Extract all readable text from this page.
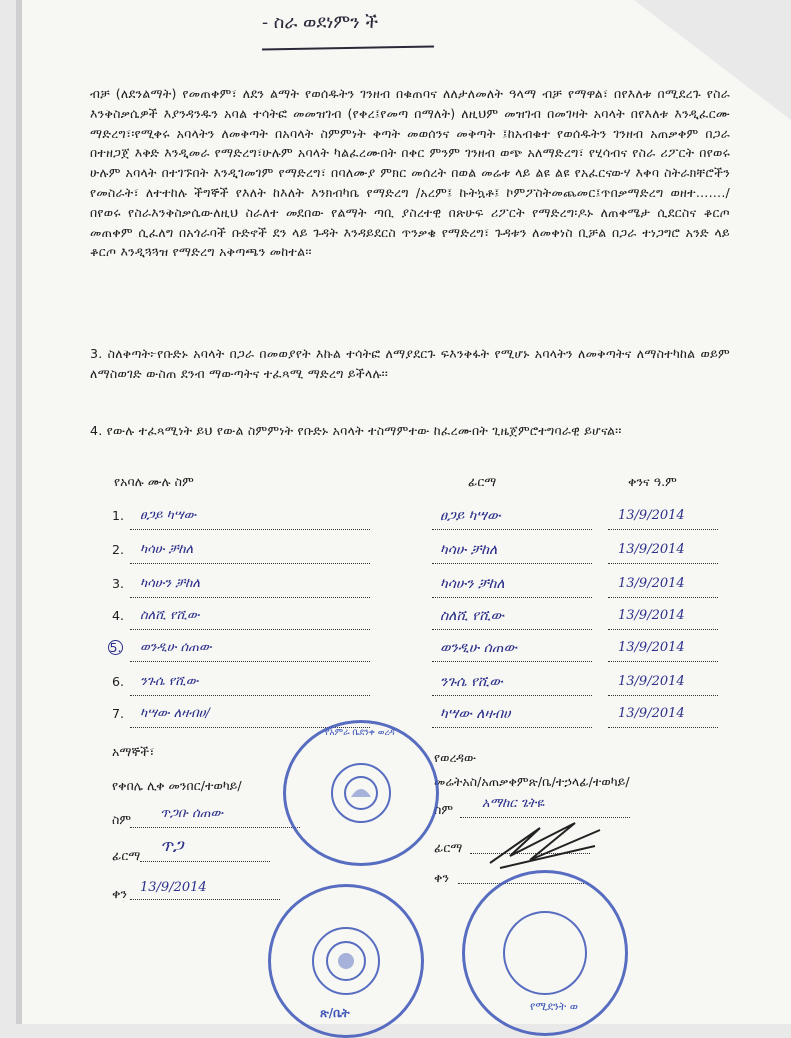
- ስራ ወደነምን ች
ብቻ (ለደንልማት) የመጠቀም፣ ለደን ልማት የወሰዱትን ገንዘብ በቁጠባና ለለታለመለት ዓላማ ብቻ የማዋል፣ በየእለቱ በሚደረጉ የስራ እንቅስቃሴዎች እያንዳንዱን አባል ተሳትፎ መመዝገብ (የቀረ፤የመጣ በማለት) ለዚህም መዝገብ በመገዛት አባላት በየእለቱ እንዲፈርሙ ማድረግ፣፡የሚቀሩ አባላትን ለመቅጣት በአባላት ስምምነት ቅጣት መወሰንና መቅጣት ፤ከአብቁተ የወሰዱትን ገንዘብ አጠቃቀም በጋራ በተዘጋጀ እቅድ እንዲመራ የማድረግ፣ሁሉም አባላት ካልፈረሙበት በቀር ምንም ገንዘብ ወጭ አለማድረግ፣ የሂሳብና የስራ ሪፖርት በየወሩ ሁሉም አባላት በተገኙበት እንዲገመገም የማድረግ፣ በባለሙያ ምክር መሰረት በወል መሬቱ ላይ ልዩ ልዩ የአፈርናውሃ እቀባ ስትራክቸሮችን የመስራት፣ ለተተከሉ ችግኞች የእለት ከእለት እንክብካቤ የማድረግ /አረም፤ ኩትኳቶ፤ ኮምፖስትመጨመር፤ጥበቃማድረግ ወዘተ……./ በየወሩ የስራእንቅስቃሴውለዚህ ስራለተ መደበው የልማት ጣቢ ያስረተዊ በጽሁፍ ሪፖርት የማድረግ፡ዶኑ ለጠቀሜታ ሲደርስና ቆርጦ መጠቀም ሲፈለግ በአጎራባች ቡድኖች ደን ላይ ጉዳት እንዳይደርስ ጥንቃቄ የማድረግ፣ ጉዳቱን ለመቀነስ ቢቻል በጋራ ተነጋግሮ አንድ ላይ ቆርጦ እንዲጓጓዝ የማድረግ አቅጣጫን መከተል፡፡
3. ስለቅጣት፦የቡድኑ አባላት በጋራ በመወያየት እኩል ተሳትፎ ለማያደርጉ ፍእንቅፋት የሚሆኑ አባላትን ለመቅጣትና ለማስተካከል ወይም ለማስወገድ ውስጠ ደንብ ማውጣትና ተፈጻሚ ማድረግ ይችላሉ፡፡
4. የውሉ ተፈጻሚነት ይህ የውል ስምምነት የቡድኑ አባላት ተስማምተው ከፈረሙበት ጊዜጀምሮተግባራዊ ይሆናል፡፡
የአባሉ ሙሉ ስም	ፊርማ	ቀንና ዓ.ም
1. ፀጋይ ካሣው	ፀጋይ ካሣው	13/9/2014
2. ካሳሁ ቻከለ	ካሳሁ ቻከለ	13/9/2014
3. ካሳሁን ቻከለ	ካሳሁን ቻከለ	13/9/2014
4. ስለሺ የሺው	ስለሺ የሺው	13/9/2014
5. ወንዲሁ ሰጠው	ወንዲሁ ሰጠው	13/9/2014
6. ንጉሴ የሺው	ንጉሴ የሺው	13/9/2014
7. ካሣው ለዛብሀ/	ካሣው ለዛብሀ	13/9/2014
አማኞች፣
የቀበሌ ሊቀ መንበር/ተወካይ/
ስም ጥጋቡ ሰጠው
ፊርማ ጥጋ
ቀን 13/9/2014
የወረዳው
መሬትአስ/አጠቃቀምጽ/ቤ/ተኃላፊ/ተወካይ/
ስም አማከር ጌትዬ
ፊርማ
ቀን
የአምራ ቤደንቀ ወረዳ
ጽ/ቤት	የሚደንት ወ
